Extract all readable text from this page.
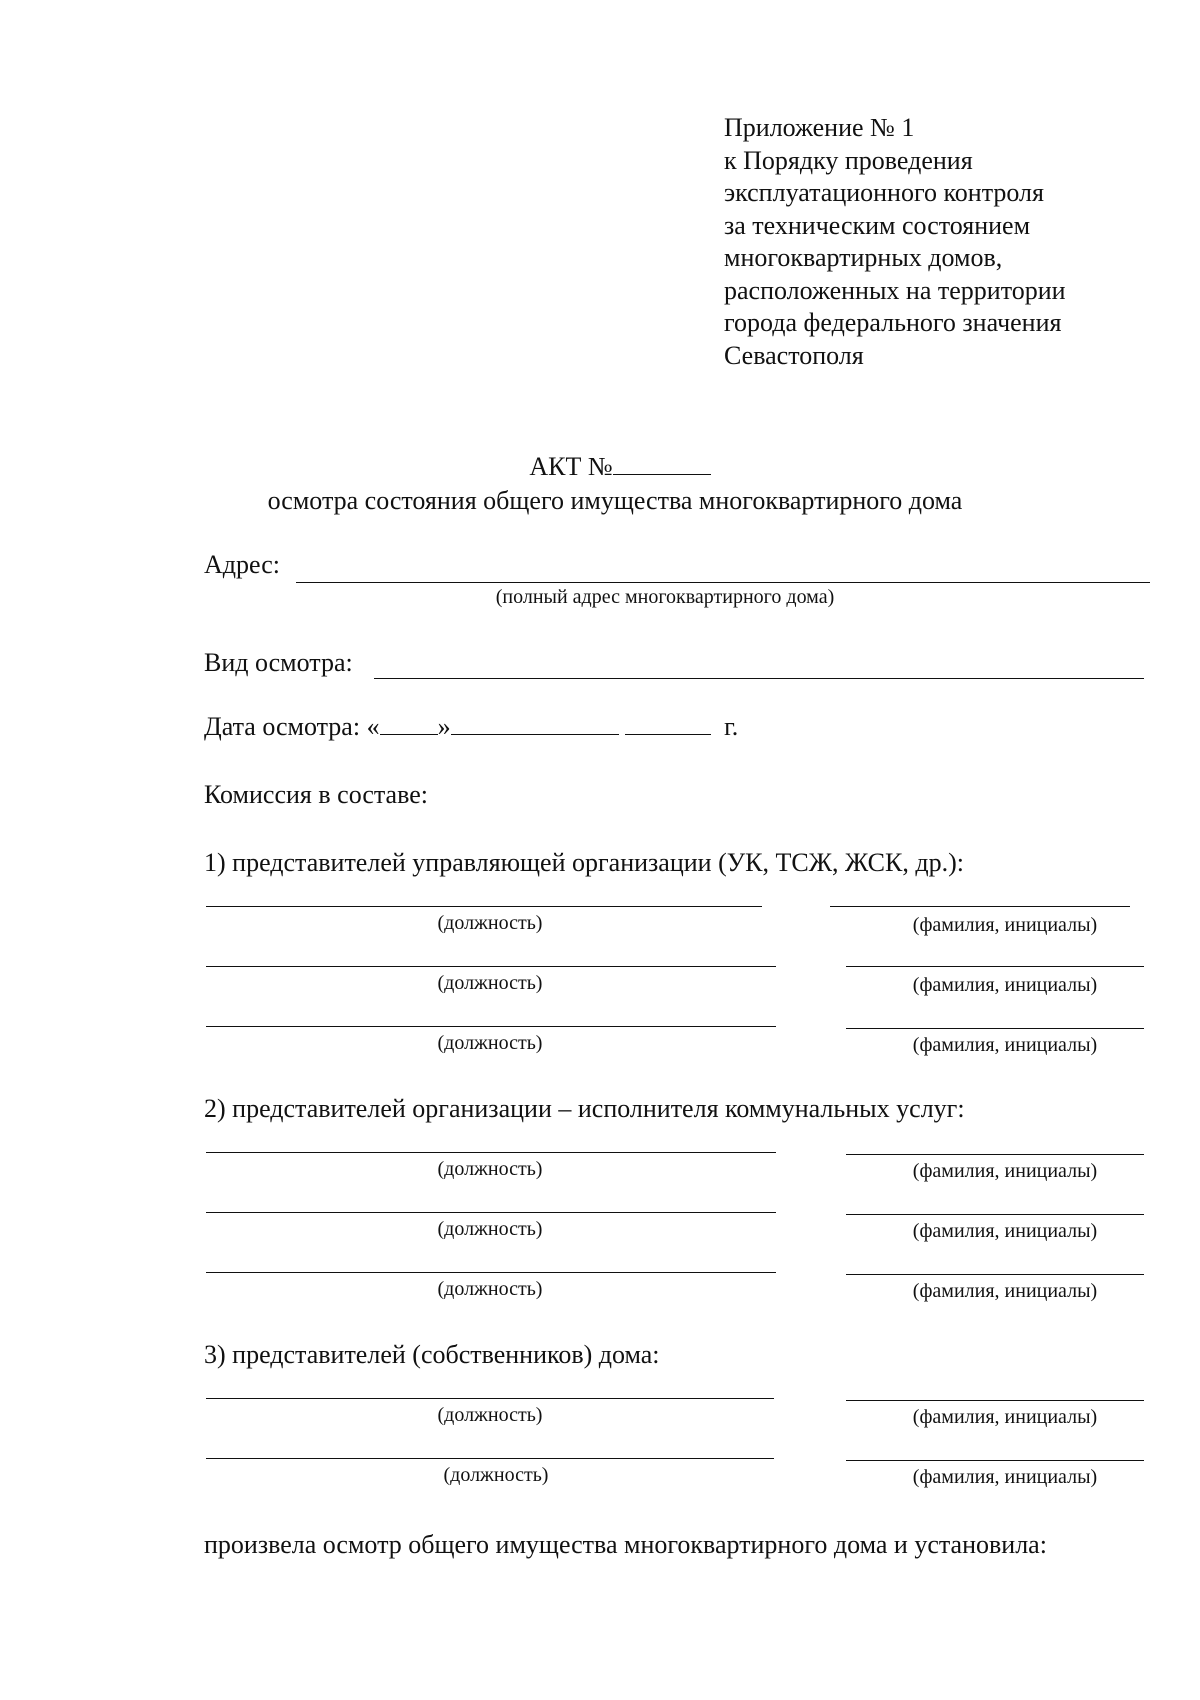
Приложение № 1
к Порядку проведения
эксплуатационного контроля
за техническим состоянием
многоквартирных домов,
расположенных на территории
города федерального значения
Севастополя
АКТ №
осмотра состояния общего имущества многоквартирного дома
Адрес:
(полный адрес многоквартирного дома)
Вид осмотра:
Дата осмотра: « »	г.
Комиссия в составе:
1) представителей управляющей организации (УК, ТСЖ, ЖСК, др.):
(должность)	(фамилия, инициалы)
(должность)	(фамилия, инициалы)
(должность)	(фамилия, инициалы)
2) представителей организации – исполнителя коммунальных услуг:
(должность)	(фамилия, инициалы)
(должность)	(фамилия, инициалы)
(должность)	(фамилия, инициалы)
3) представителей (собственников) дома:
(должность)	(фамилия, инициалы)
(должность)	(фамилия, инициалы)
произвела осмотр общего имущества многоквартирного дома и установила:
